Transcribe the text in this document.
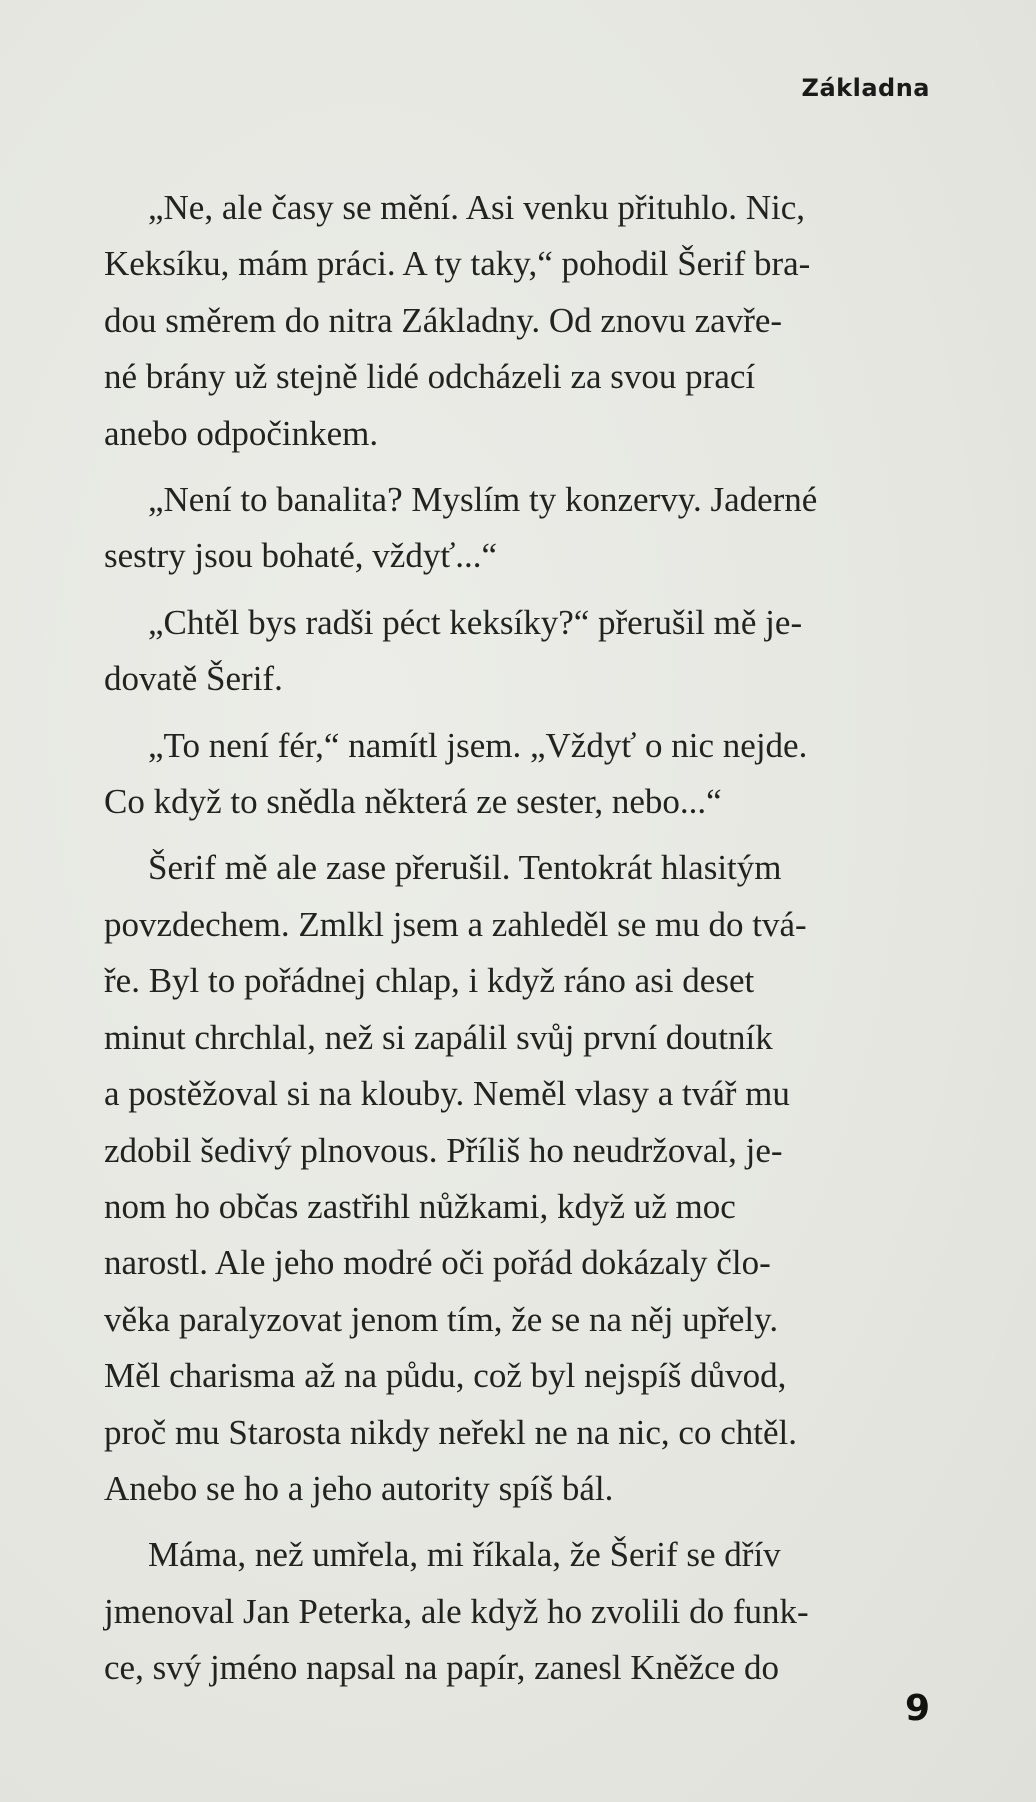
Základna

„Ne, ale časy se mění. Asi venku přituhlo. Nic,
Keksíku, mám práci. A ty taky,“ pohodil Šerif bra-
dou směrem do nitra Základny. Od znovu zavře-
né brány už stejně lidé odcházeli za svou prací
anebo odpočinkem.

„Není to banalita? Myslím ty konzervy. Jaderné
sestry jsou bohaté, vždyť...“

„Chtěl bys radši péct keksíky?“ přerušil mě je-
dovatě Šerif.

„To není fér,“ namítl jsem. „Vždyť o nic nejde.
Co když to snědla některá ze sester, nebo...“

Šerif mě ale zase přerušil. Tentokrát hlasitým
povzdechem. Zmlkl jsem a zahleděl se mu do tvá-
ře. Byl to pořádnej chlap, i když ráno asi deset
minut chrchlal, než si zapálil svůj první doutník
a postěžoval si na klouby. Neměl vlasy a tvář mu
zdobil šedivý plnovous. Příliš ho neudržoval, je-
nom ho občas zastřihl nůžkami, když už moc
narostl. Ale jeho modré oči pořád dokázaly člo-
věka paralyzovat jenom tím, že se na něj upřely.
Měl charisma až na půdu, což byl nejspíš důvod,
proč mu Starosta nikdy neřekl ne na nic, co chtěl.
Anebo se ho a jeho autority spíš bál.

Máma, než umřela, mi říkala, že Šerif se dřív
jmenoval Jan Peterka, ale když ho zvolili do funk-
ce, svý jméno napsal na papír, zanesl Kněžce do

9
